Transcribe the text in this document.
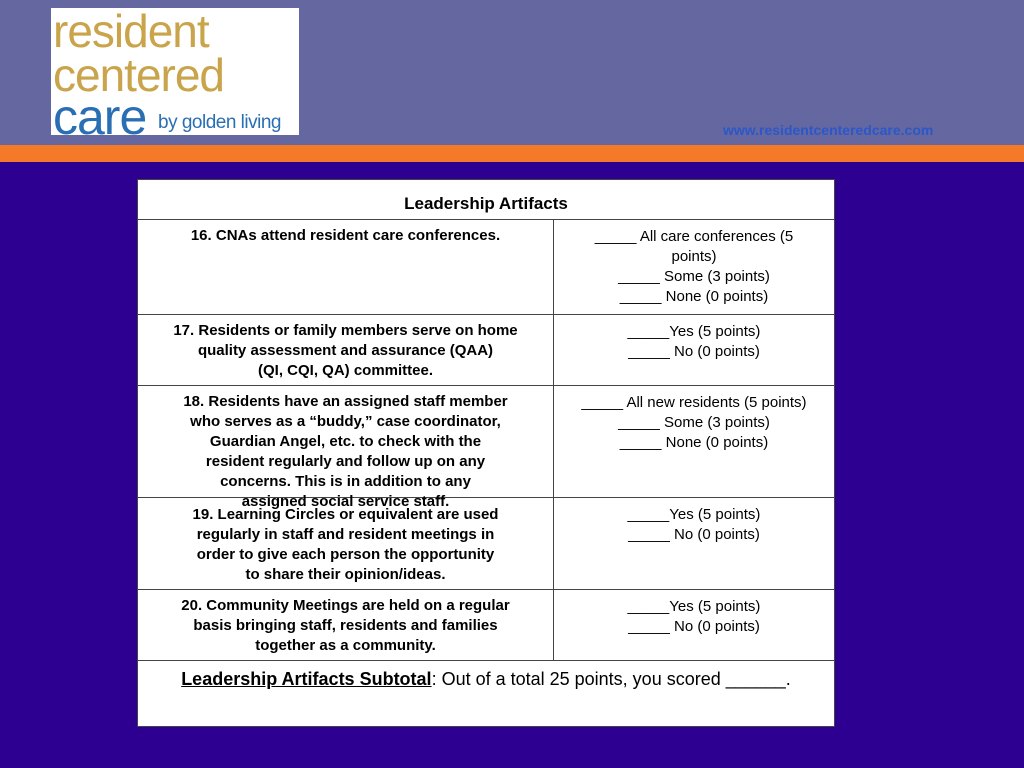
resident
centered
care by golden living	www.residentcenteredcare.com
Leadership Artifacts
16. CNAs attend resident care conferences.	_____ All care conferences (5
points)
_____ Some (3 points)
_____ None (0 points)
17. Residents or family members serve on home
quality assessment and assurance (QAA)
(QI, CQI, QA) committee.
_____Yes (5 points)
_____ No (0 points)
18. Residents have an assigned staff member
who serves as a “buddy,” case coordinator,
Guardian Angel, etc. to check with the
resident regularly and follow up on any
concerns. This is in addition to any
assigned social service staff.
_____ All new residents (5 points)
_____ Some (3 points)
_____ None (0 points)
19. Learning Circles or equivalent are used
regularly in staff and resident meetings in
order to give each person the opportunity
to share their opinion/ideas.
_____Yes (5 points)
_____ No (0 points)
20. Community Meetings are held on a regular
basis bringing staff, residents and families
together as a community.
_____Yes (5 points)
_____ No (0 points)
Leadership Artifacts Subtotal: Out of a total 25 points, you scored ______.
